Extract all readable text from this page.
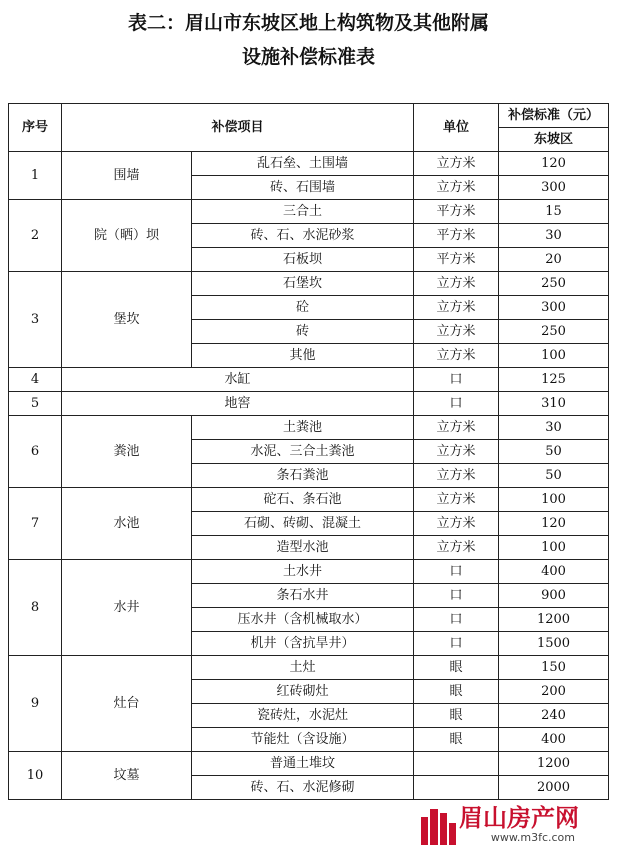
表二：眉山市东坡区地上构筑物及其他附属
设施补偿标准表
序号	补偿项目		单位	补偿标准（元）
				东坡区
1	围墙	乱石垒、土围墙	立方米	120
		砖、石围墙	立方米	300
2	院（晒）坝	三合土	平方米	15
		砖、石、水泥砂浆	平方米	30
		石板坝	平方米	20
3	堡坎	石堡坎	立方米	250
		砼	立方米	300
		砖	立方米	250
		其他	立方米	100
4	水缸		口	125
5	地窖		口	310
6	粪池	土粪池	立方米	30
		水泥、三合土粪池	立方米	50
		条石粪池	立方米	50
7	水池	砣石、条石池	立方米	100
		石砌、砖砌、混凝土	立方米	120
		造型水池	立方米	100
8	水井	土水井	口	400
		条石水井	口	900
		压水井（含机械取水）	口	1200
		机井（含抗旱井）	口	1500
9	灶台	土灶	眼	150
		红砖砌灶	眼	200
		瓷砖灶，水泥灶	眼	240
		节能灶（含设施）	眼	400
10	坟墓	普通土堆坟		1200
		砖、石、水泥修砌		2000
眉山房产网
www.m3fc.com
